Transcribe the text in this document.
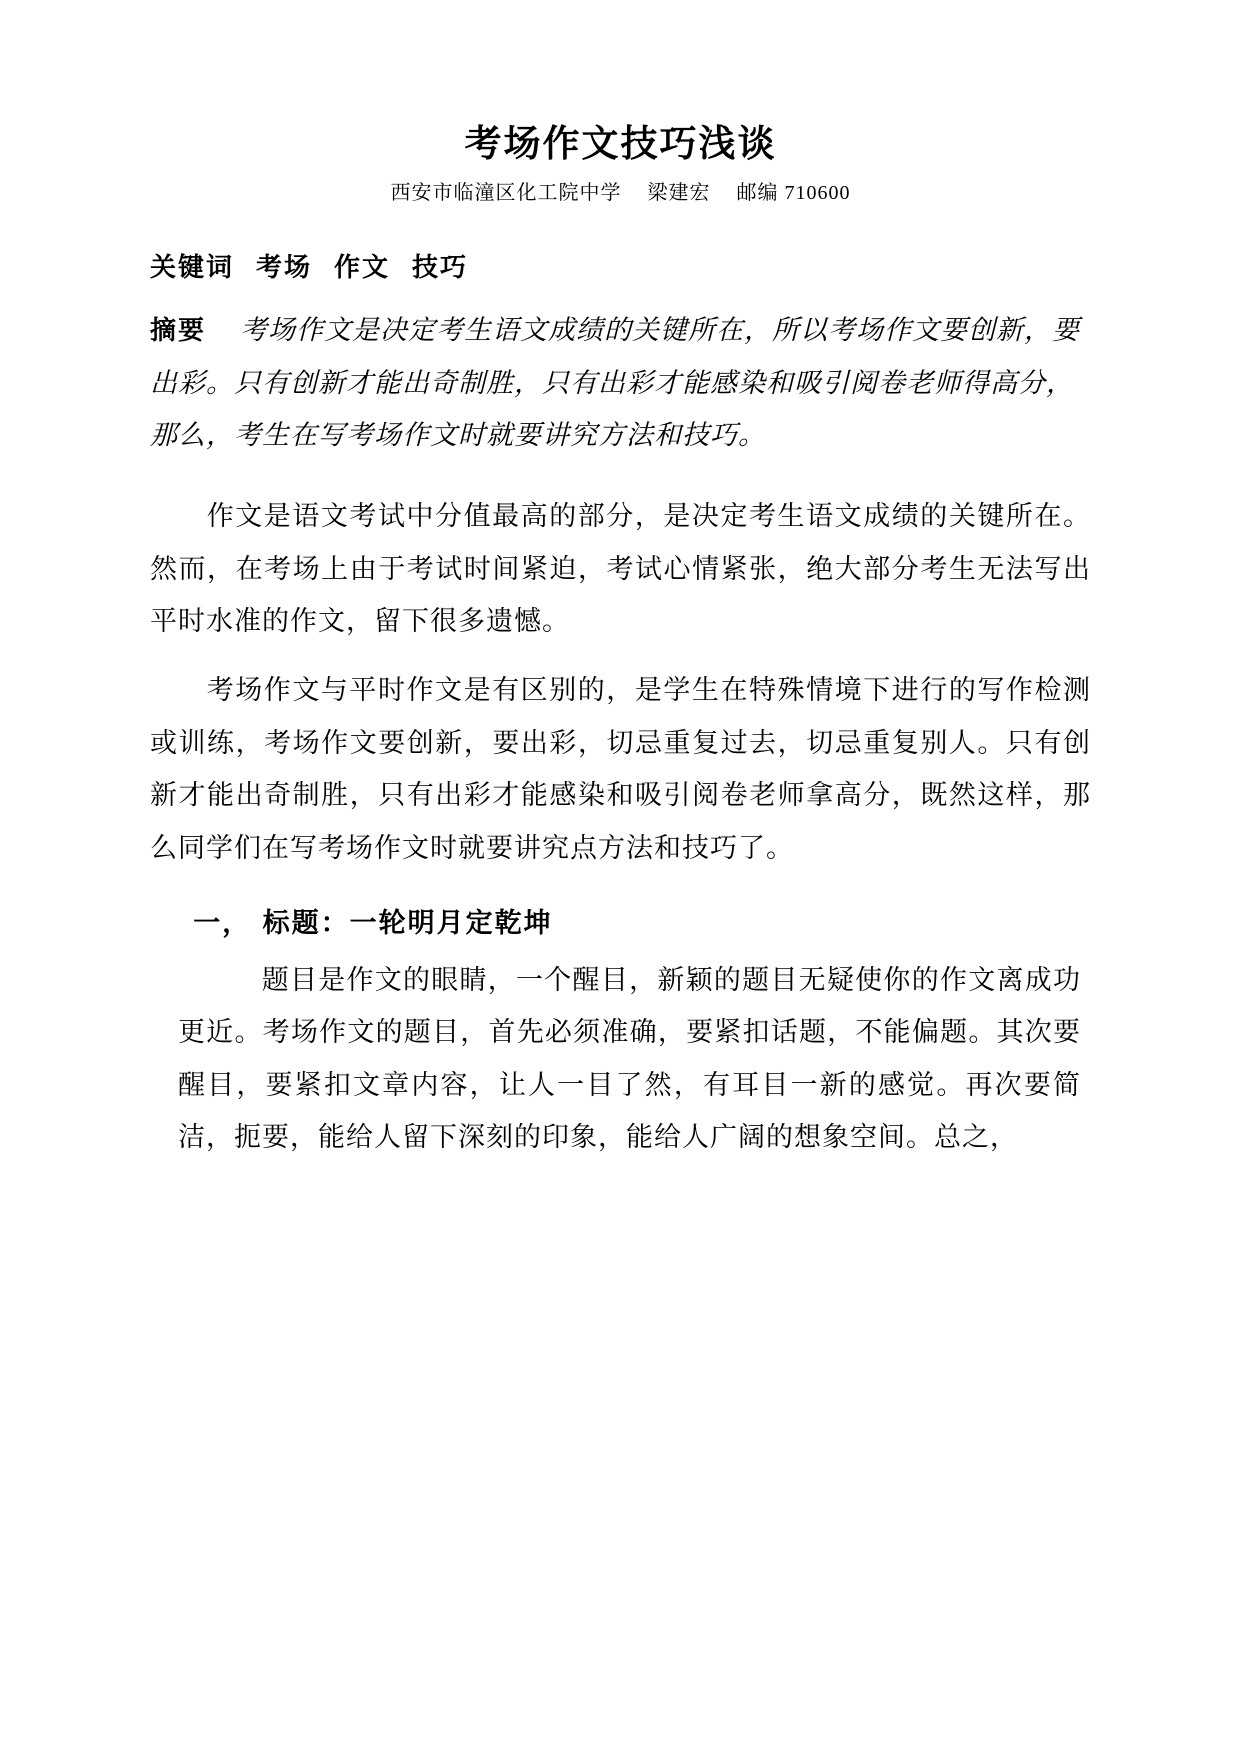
考场作文技巧浅谈
西安市临潼区化工院中学 梁建宏 邮编 710600
关键词 考场 作文 技巧
摘要 考场作文是决定考生语文成绩的关键所在，所以考场作文要创新，要出彩。只有创新才能出奇制胜，只有出彩才能感染和吸引阅卷老师得高分，那么，考生在写考场作文时就要讲究方法和技巧。

作文是语文考试中分值最高的部分，是决定考生语文成绩的关键所在。然而，在考场上由于考试时间紧迫，考试心情紧张，绝大部分考生无法写出平时水准的作文，留下很多遗憾。

考场作文与平时作文是有区别的，是学生在特殊情境下进行的写作检测或训练，考场作文要创新，要出彩，切忌重复过去，切忌重复别人。只有创新才能出奇制胜，只有出彩才能感染和吸引阅卷老师拿高分，既然这样，那么同学们在写考场作文时就要讲究点方法和技巧了。

一， 标题：一轮明月定乾坤

题目是作文的眼睛，一个醒目，新颖的题目无疑使你的作文离成功更近。考场作文的题目，首先必须准确，要紧扣话题，不能偏题。其次要醒目，要紧扣文章内容，让人一目了然，有耳目一新的感觉。再次要简洁，扼要，能给人留下深刻的印象，能给人广阔的想象空间。总之，
